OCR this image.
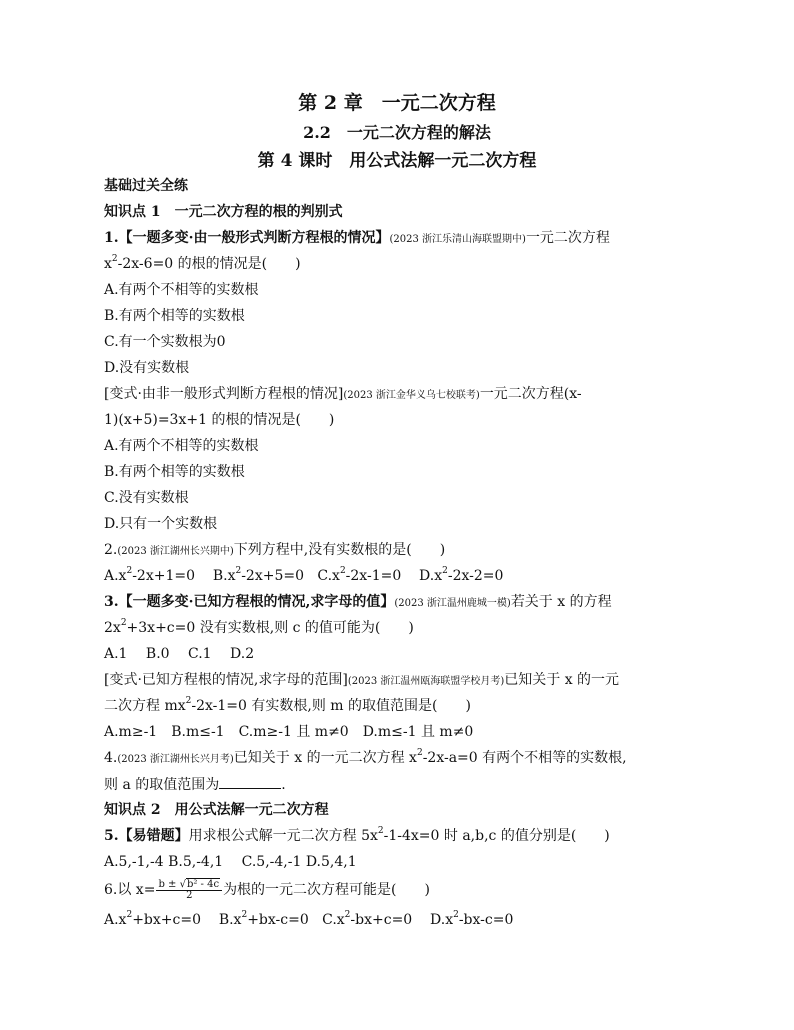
第 2 章　一元二次方程
2.2　一元二次方程的解法
第 4 课时　用公式法解一元二次方程
基础过关全练
知识点 1　一元二次方程的根的判别式
1.【一题多变·由一般形式判断方程根的情况】(2023 浙江乐清山海联盟期中)一元二次方程
$x^2-2x-6=0$ 的根的情况是(　　)
A.有两个不相等的实数根
B.有两个相等的实数根
C.有一个实数根为0
D.没有实数根
[变式·由非一般形式判断方程根的情况](2023 浙江金华义乌七校联考)一元二次方程(x-
1)(x+5)=3x+1 的根的情况是(　　)
A.有两个不相等的实数根
B.有两个相等的实数根
C.没有实数根
D.只有一个实数根
2.(2023 浙江湖州长兴期中)下列方程中,没有实数根的是(　　)
$A.x^2-2x+1=0$ $B.x^2-2x+5=0$ $C.x^2-2x-1=0$ $D.x^2-2x-2=0$
3.【一题多变·已知方程根的情况,求字母的值】(2023 浙江温州鹿城一模)若关于 x 的方程
$2x^2+3x+c=0$ 没有实数根,则 c 的值可能为(　　)
A.1　 B.0　 C.1　 D.2
[变式·已知方程根的情况,求字母的范围](2023 浙江温州瓯海联盟学校月考)已知关于 x 的一元
二次方程 $mx^2-2x-1=0$ 有实数根,则 m 的取值范围是(　　)
A.m≥-1　B.m≤-1　C.m≥-1 且 m≠0　D.m≤-1 且 m≠0
4.(2023 浙江湖州长兴月考)已知关于 x 的一元二次方程 $x^2-2x-a=0$ 有两个不相等的实数根,
则 a 的取值范围为	.
知识点 2　用公式法解一元二次方程
5.【易错题】用求根公式解一元二次方程 $5x^2-1-4x=0$ 时 a,b,c 的值分别是(　　)
A.5,-1,-4 B.5,-4,1　 C.5,-4,-1 D.5,4,1
6.以 $x=\frac{\text{b ± √b² - 4c}}{2}$为根的一元二次方程可能是(　　)
$A.x^2+bx+c=0$ $B.x^2+bx-c=0$ $C.x^2-bx+c=0$ $D.x^2-bx-c=0$
